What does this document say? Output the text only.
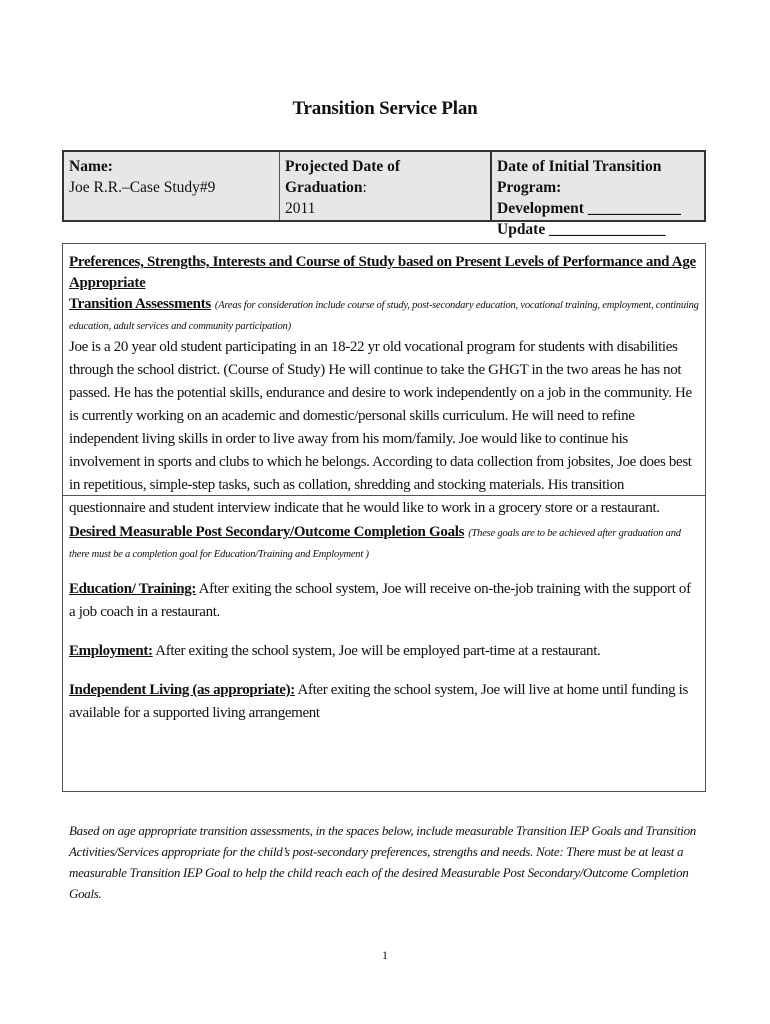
Transition Service Plan
Name:
Joe R.R.–Case Study#9
Projected Date of Graduation:
2011
Date of Initial Transition Program:
Development ____________
Update _______________
Preferences, Strengths, Interests and Course of Study based on Present Levels of Performance and Age Appropriate
Transition Assessments (Areas for consideration include course of study, post-secondary education, vocational training, employment, continuing education, adult services and community participation)
Joe is a 20 year old student participating in an 18-22 yr old vocational program for students with disabilities through the school district. (Course of Study) He will continue to take the GHGT in the two areas he has not passed. He has the potential skills, endurance and desire to work independently on a job in the community. He is currently working on an academic and domestic/personal skills curriculum. He will need to refine independent living skills in order to live away from his mom/family. Joe would like to continue his involvement in sports and clubs to which he belongs. According to data collection from jobsites, Joe does best in repetitious, simple-step tasks, such as collation, shredding and stocking materials. His transition questionnaire and student interview indicate that he would like to work in a grocery store or a restaurant.
Desired Measurable Post Secondary/Outcome Completion Goals (These goals are to be achieved after graduation and there must be a completion goal for Education/Training and Employment )
Education/ Training: After exiting the school system, Joe will receive on-the-job training with the support of a job coach in a restaurant.
Employment: After exiting the school system, Joe will be employed part-time at a restaurant.
Independent Living (as appropriate): After exiting the school system, Joe will live at home until funding is available for a supported living arrangement
Based on age appropriate transition assessments, in the spaces below, include measurable Transition IEP Goals and Transition Activities/Services appropriate for the child’s post-secondary preferences, strengths and needs. Note: There must be at least a measurable Transition IEP Goal to help the child reach each of the desired Measurable Post Secondary/Outcome Completion Goals.
1
